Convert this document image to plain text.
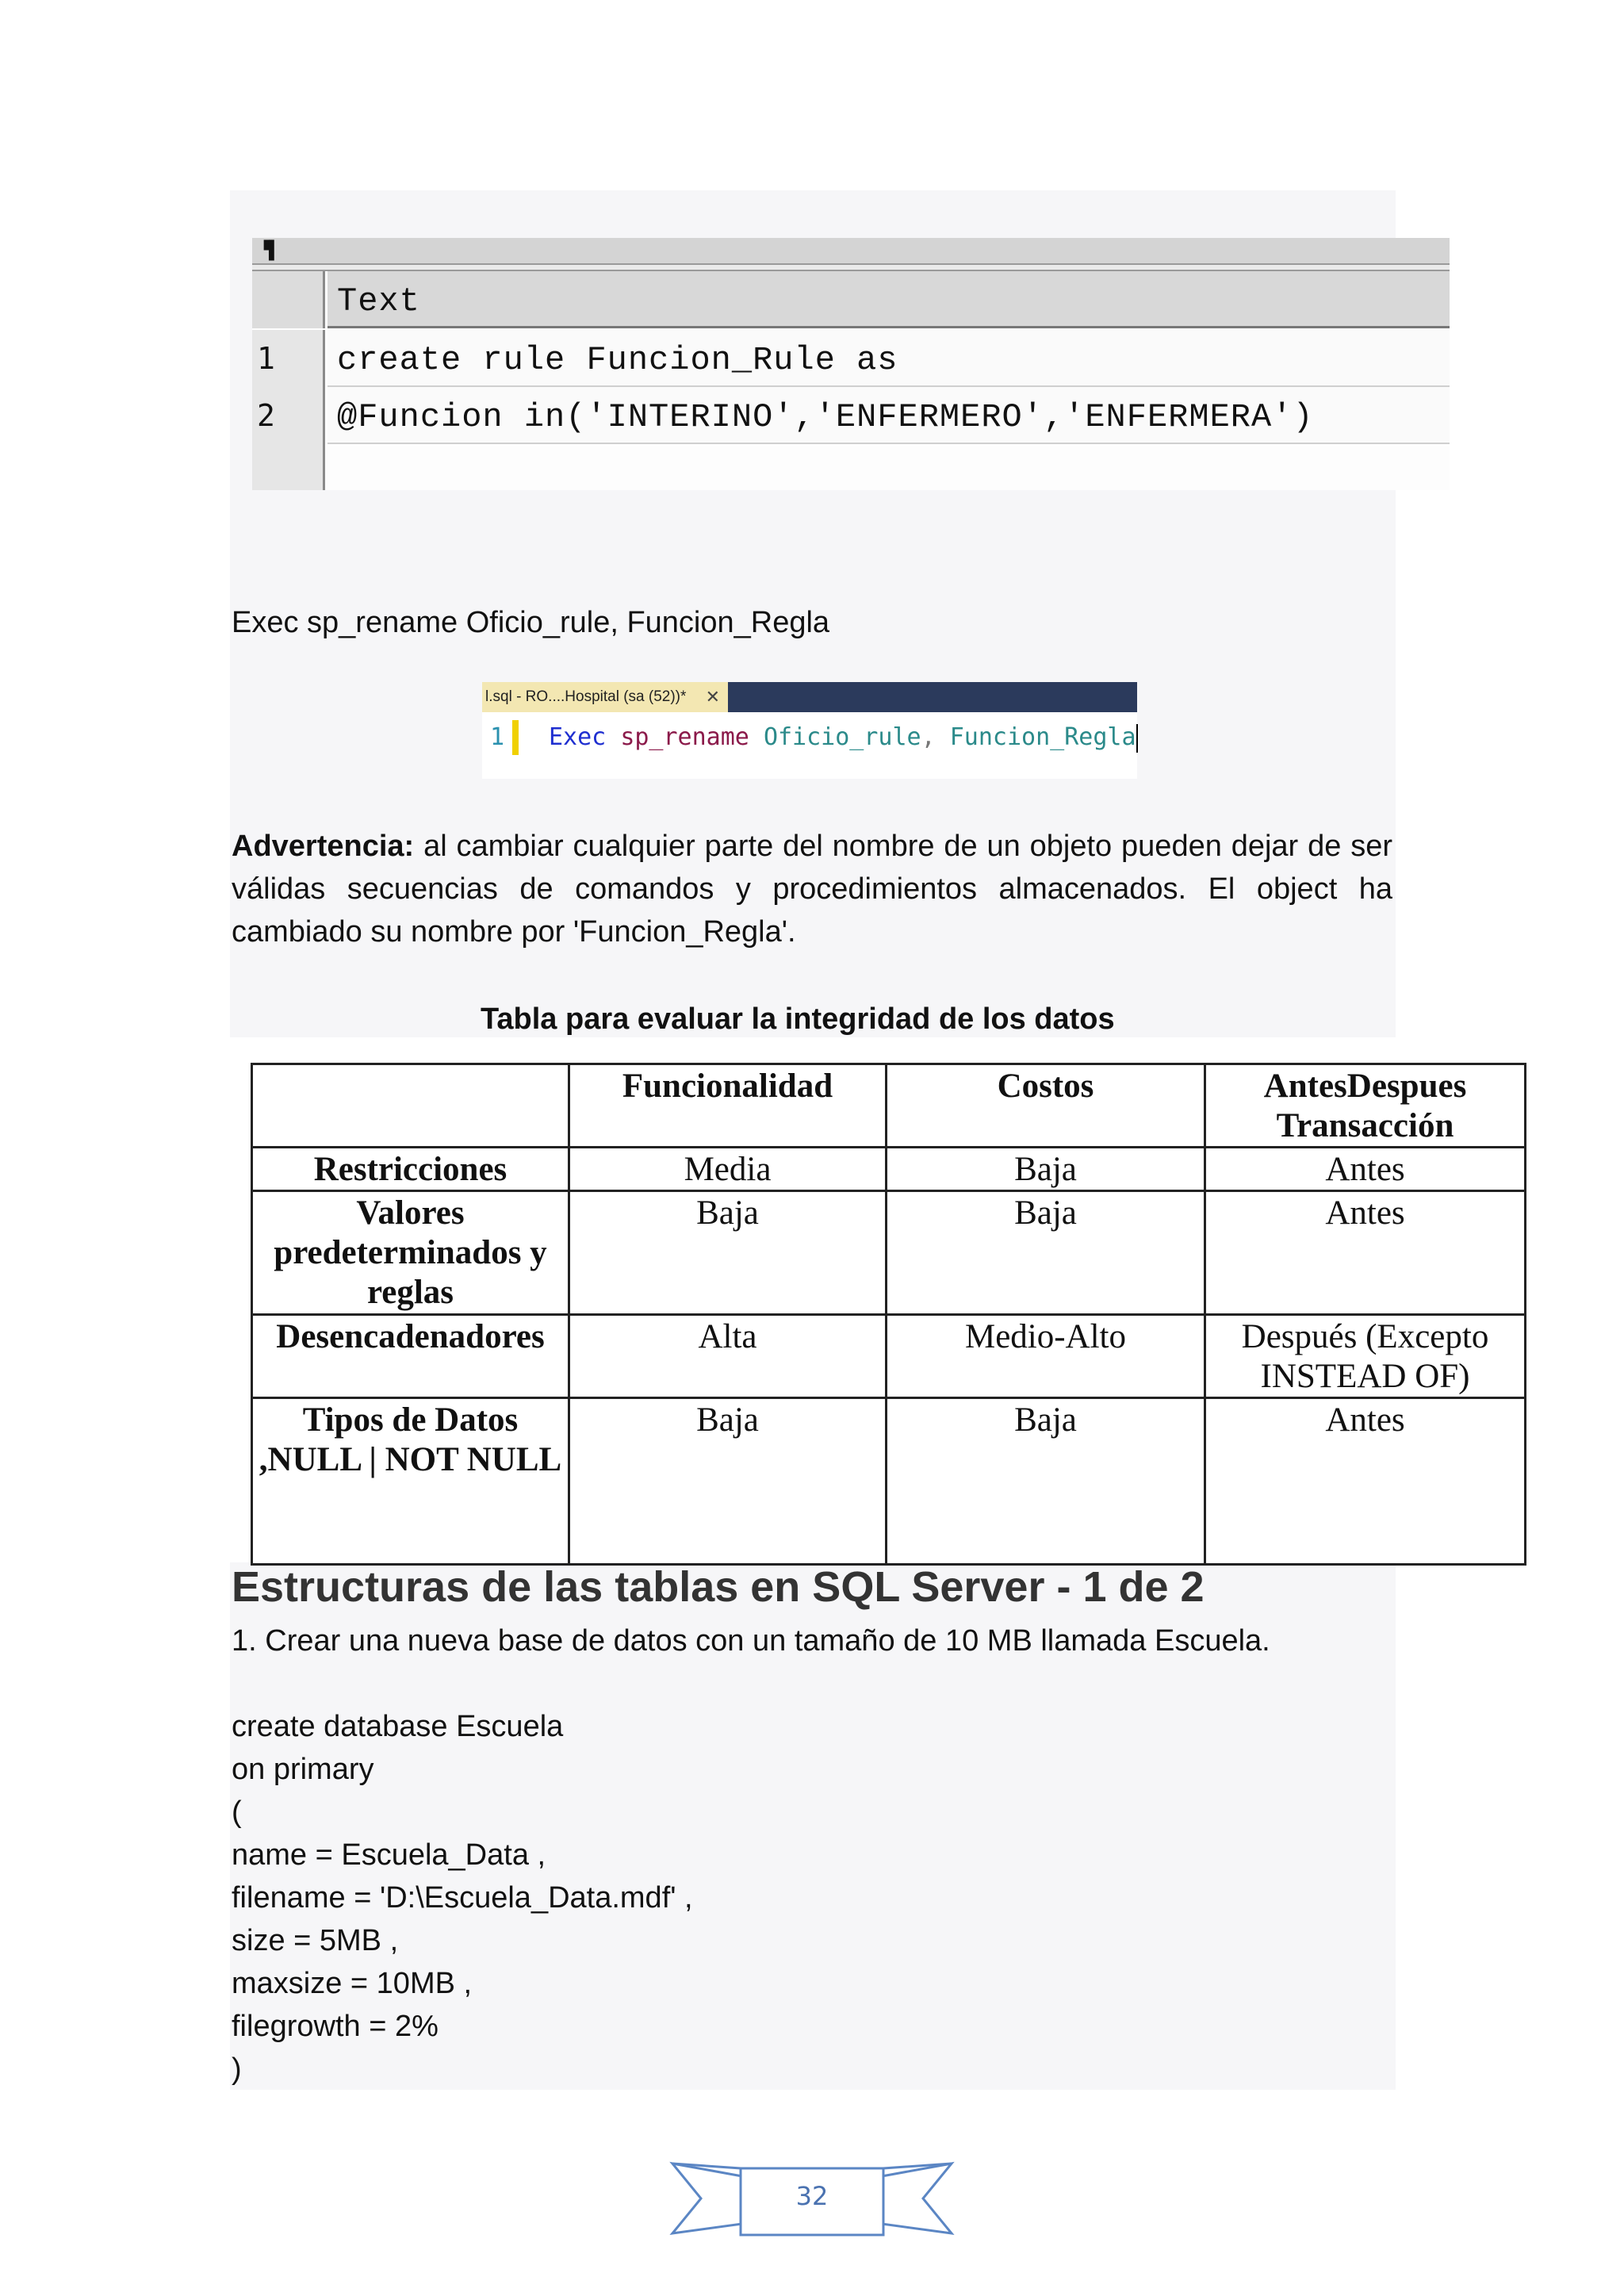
▝▌
Text
1	create rule Funcion_Rule as
2	@Funcion in('INTERINO','ENFERMERO','ENFERMERA')
Exec sp_rename Oficio_rule, Funcion_Regla
l.sql - RO....Hospital (sa (52))* ✕
1 Exec sp_rename Oficio_rule, Funcion_Regla
Advertencia: al cambiar cualquier parte del nombre de un objeto pueden dejar de ser válidas secuencias de comandos y procedimientos almacenados. El object ha cambiado su nombre por 'Funcion_Regla'.
Tabla para evaluar la integridad de los datos
	Funcionalidad	Costos	AntesDespues Transacción
Restricciones	Media	Baja	Antes
Valores predeterminados y reglas	Baja	Baja	Antes
Desencadenadores	Alta	Medio-Alto	Después (Excepto INSTEAD OF)
Tipos de Datos ,NULL | NOT NULL	Baja	Baja	Antes
Estructuras de las tablas en SQL Server - 1 de 2
1. Crear una nueva base de datos con un tamaño de 10 MB llamada Escuela.
create database Escuela
on primary
(
name = Escuela_Data ,
filename = 'D:\Escuela_Data.mdf' ,
size = 5MB ,
maxsize = 10MB ,
filegrowth = 2%
)
32
